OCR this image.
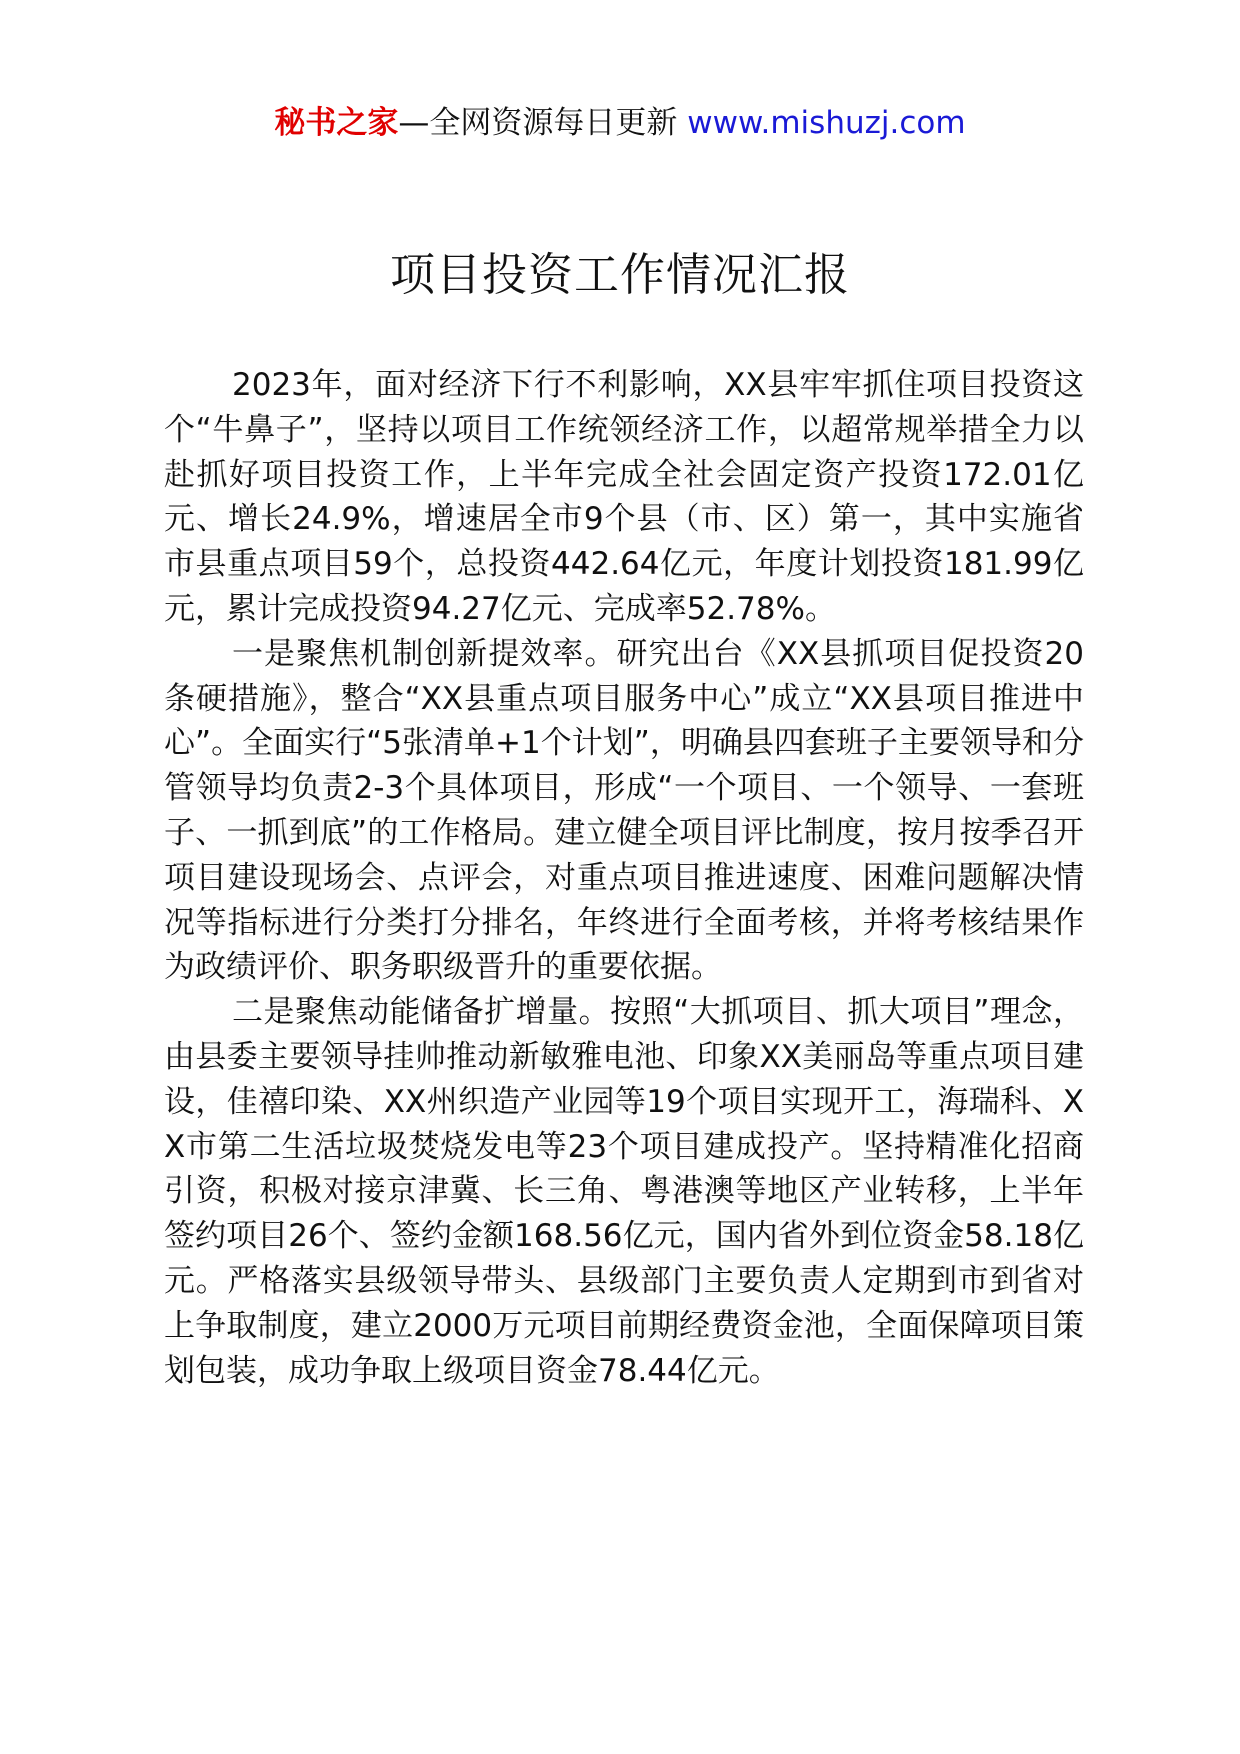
秘书之家—全网资源每日更新 www.mishuzj.com
项目投资工作情况汇报

2023年，面对经济下行不利影响，XX县牢牢抓住项目投资这个“牛鼻子”，坚持以项目工作统领经济工作，以超常规举措全力以赴抓好项目投资工作，上半年完成全社会固定资产投资172.01亿元、增长24.9%，增速居全市9个县（市、区）第一，其中实施省市县重点项目59个，总投资442.64亿元，年度计划投资181.99亿元，累计完成投资94.27亿元、完成率52.78%。

一是聚焦机制创新提效率。研究出台《XX县抓项目促投资20条硬措施》，整合“XX县重点项目服务中心”成立“XX县项目推进中心”。全面实行“5张清单+1个计划”，明确县四套班子主要领导和分管领导均负责2-3个具体项目，形成“一个项目、一个领导、一套班子、一抓到底”的工作格局。建立健全项目评比制度，按月按季召开项目建设现场会、点评会，对重点项目推进速度、困难问题解决情况等指标进行分类打分排名，年终进行全面考核，并将考核结果作为政绩评价、职务职级晋升的重要依据。

二是聚焦动能储备扩增量。按照“大抓项目、抓大项目”理念，由县委主要领导挂帅推动新敏雅电池、印象XX美丽岛等重点项目建设，佳禧印染、XX州织造产业园等19个项目实现开工，海瑞科、XX市第二生活垃圾焚烧发电等23个项目建成投产。坚持精准化招商引资，积极对接京津冀、长三角、粤港澳等地区产业转移，上半年签约项目26个、签约金额168.56亿元，国内省外到位资金58.18亿元。严格落实县级领导带头、县级部门主要负责人定期到市到省对上争取制度，建立2000万元项目前期经费资金池，全面保障项目策划包装，成功争取上级项目资金78.44亿元。
